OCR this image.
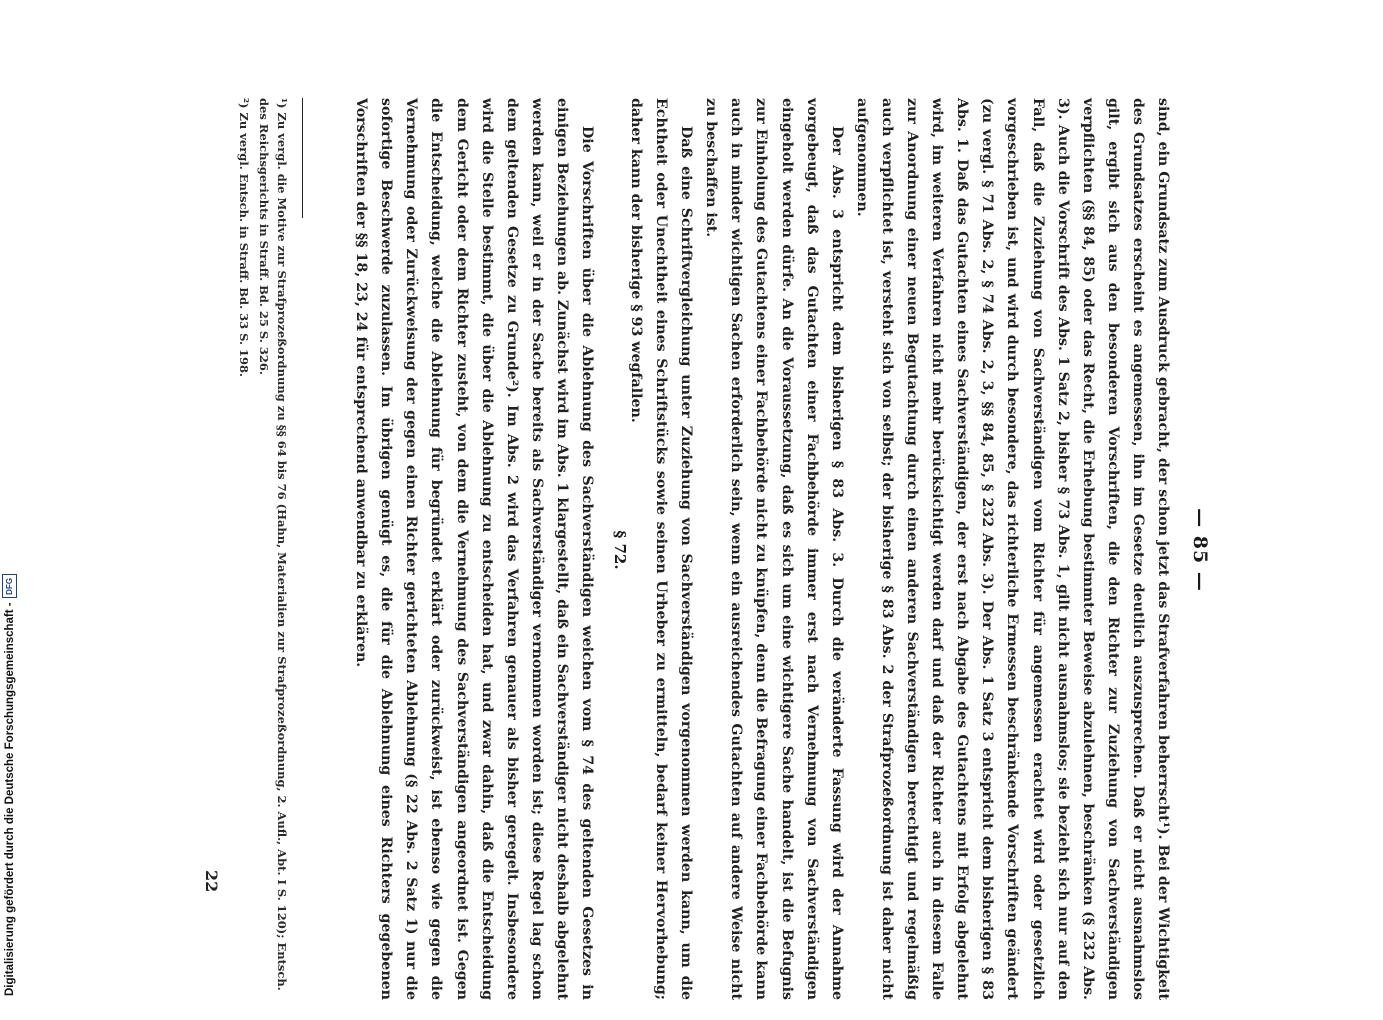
— 85 —

sind, ein Grundsatz zum Ausdruck gebracht, der schon jetzt das Strafverfahren beherrscht¹). Bei der Wichtigkeit des Grundsatzes erscheint es angemessen, ihn im Gesetze deutlich auszusprechen. Daß er nicht ausnahmslos gilt, ergibt sich aus den besonderen Vorschriften, die den Richter zur Zuziehung von Sachverständigen verpflichten (§§ 84, 85) oder das Recht, die Erhebung bestimmter Beweise abzulehnen, beschränken (§ 232 Abs. 3). Auch die Vorschrift des Abs. 1 Satz 2, bisher § 73 Abs. 1, gilt nicht ausnahmslos; sie bezieht sich nur auf den Fall, daß die Zuziehung von Sachverständigen vom Richter für angemessen erachtet wird oder gesetzlich vorgeschrieben ist, und wird durch besondere, das richterliche Ermessen beschränkende Vorschriften geändert (zu vergl. § 71 Abs. 2, § 74 Abs. 2, 3, §§ 84, 85, § 232 Abs. 3). Der Abs. 1 Satz 3 entspricht dem bisherigen § 83 Abs. 1. Daß das Gutachten eines Sachverständigen, der erst nach Abgabe des Gutachtens mit Erfolg abgelehnt wird, im weiteren Verfahren nicht mehr berücksichtigt werden darf und daß der Richter auch in diesem Falle zur Anordnung einer neuen Begutachtung durch einen anderen Sachverständigen berechtigt und regelmäßig auch verpflichtet ist, versteht sich von selbst; der bisherige § 83 Abs. 2 der Strafprozeßordnung ist daher nicht aufgenommen.

Der Abs. 3 entspricht dem bisherigen § 83 Abs. 3. Durch die veränderte Fassung wird der Annahme vorgebeugt, daß das Gutachten einer Fachbehörde immer erst nach Vernehmung von Sachverständigen eingeholt werden dürfe. An die Voraussetzung, daß es sich um eine wichtigere Sache handelt, ist die Befugnis zur Einholung des Gutachtens einer Fachbehörde nicht zu knüpfen, denn die Befragung einer Fachbehörde kann auch in minder wichtigen Sachen erforderlich sein, wenn ein ausreichendes Gutachten auf andere Weise nicht zu beschaffen ist.

Daß eine Schriftvergleichung unter Zuziehung von Sachverständigen vorgenommen werden kann, um die Echtheit oder Unechtheit eines Schriftstücks sowie seinen Urheber zu ermitteln, bedarf keiner Hervorhebung; daher kann der bisherige § 93 wegfallen.

§ 72.

Die Vorschriften über die Ablehnung des Sachverständigen weichen vom § 74 des geltenden Gesetzes in einigen Beziehungen ab. Zunächst wird im Abs. 1 klargestellt, daß ein Sachverständiger nicht deshalb abgelehnt werden kann, weil er in der Sache bereits als Sachverständiger vernommen worden ist; diese Regel lag schon dem geltenden Gesetze zu Grunde²). Im Abs. 2 wird das Verfahren genauer als bisher geregelt. Insbesondere wird die Stelle bestimmt, die über die Ablehnung zu entscheiden hat, und zwar dahin, daß die Entscheidung dem Gericht oder dem Richter zusteht, von dem die Vernehmung des Sachverständigen angeordnet ist. Gegen die Entscheidung, welche die Ablehnung für begründet erklärt oder zurückweist, ist ebenso wie gegen die Vernehmung oder Zurückweisung der gegen einen Richter gerichteten Ablehnung (§ 22 Abs. 2 Satz 1) nur die sofortige Beschwerde zuzulassen. Im übrigen genügt es, die für die Ablehnung eines Richters gegebenen Vorschriften der §§ 18, 23, 24 für entsprechend anwendbar zu erklären.

¹) Zu vergl. die Motive zur Strafprozeßordnung zu §§ 64 bis 76 (Hahn, Materialien zur Strafprozeßordnung, 2. Aufl., Abt. I S. 120); Entsch. des Reichsgerichts in Straff. Bd. 25 S. 326.
²) Zu vergl. Entsch. in Straff. Bd. 33 S. 198.
22
Digitalisierung gefördert durch die Deutsche Forschungsgemeinschaft -
DFG
